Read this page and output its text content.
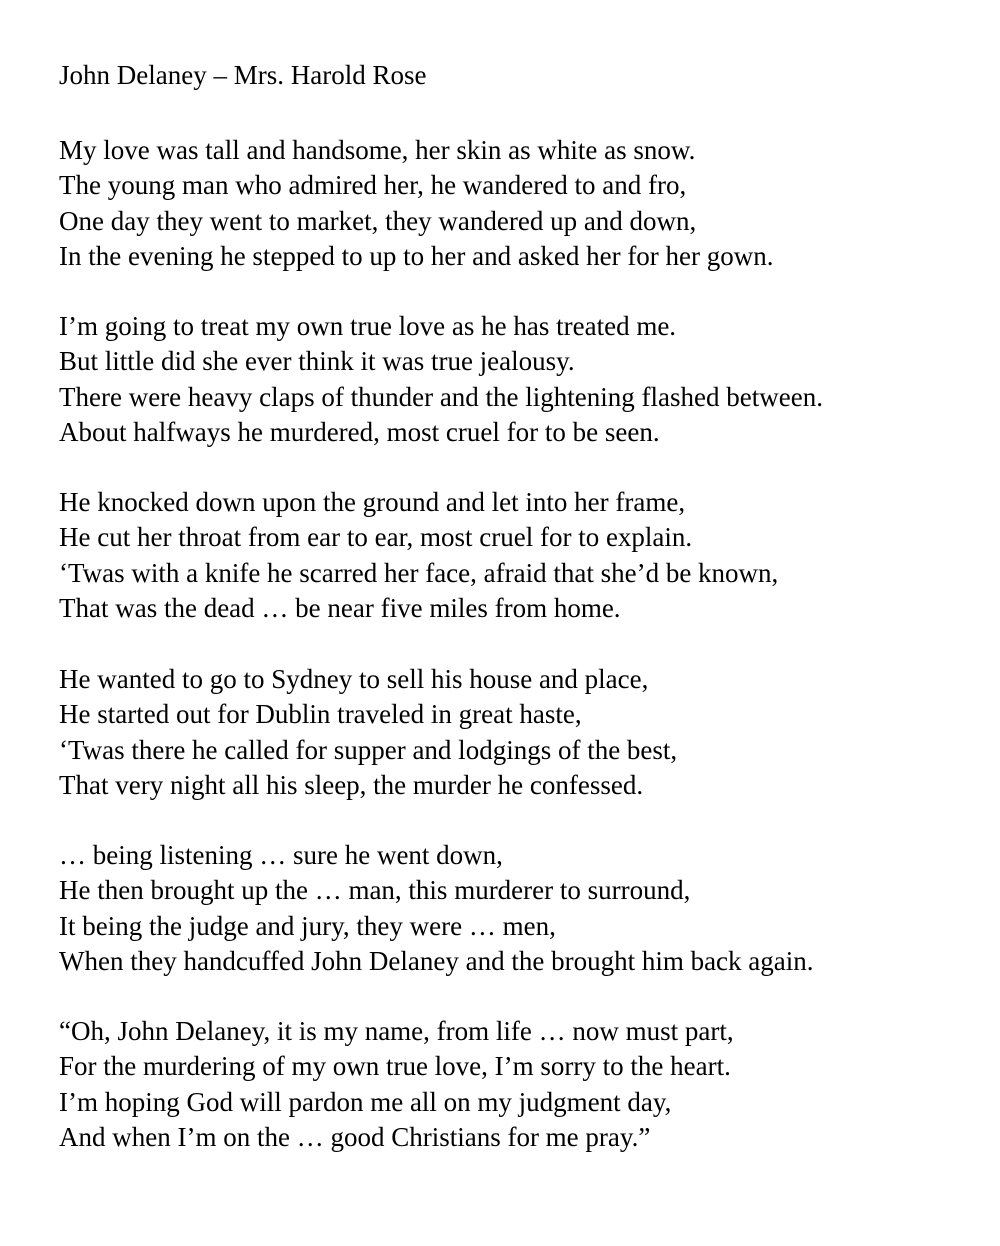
John Delaney – Mrs. Harold Rose
My love was tall and handsome, her skin as white as snow.
The young man who admired her, he wandered to and fro,
One day they went to market, they wandered up and down,
In the evening he stepped to up to her and asked her for her gown.
I’m going to treat my own true love as he has treated me.
But little did she ever think it was true jealousy.
There were heavy claps of thunder and the lightening flashed between.
About halfways he murdered, most cruel for to be seen.
He knocked down upon the ground and let into her frame,
He cut her throat from ear to ear, most cruel for to explain.
‘Twas with a knife he scarred her face, afraid that she’d be known,
That was the dead … be near five miles from home.
He wanted to go to Sydney to sell his house and place,
He started out for Dublin traveled in great haste,
‘Twas there he called for supper and lodgings of the best,
That very night all his sleep, the murder he confessed.
… being listening … sure he went down,
He then brought up the … man, this murderer to surround,
It being the judge and jury, they were … men,
When they handcuffed John Delaney and the brought him back again.
“Oh, John Delaney, it is my name, from life … now must part,
For the murdering of my own true love, I’m sorry to the heart.
I’m hoping God will pardon me all on my judgment day,
And when I’m on the … good Christians for me pray.”
